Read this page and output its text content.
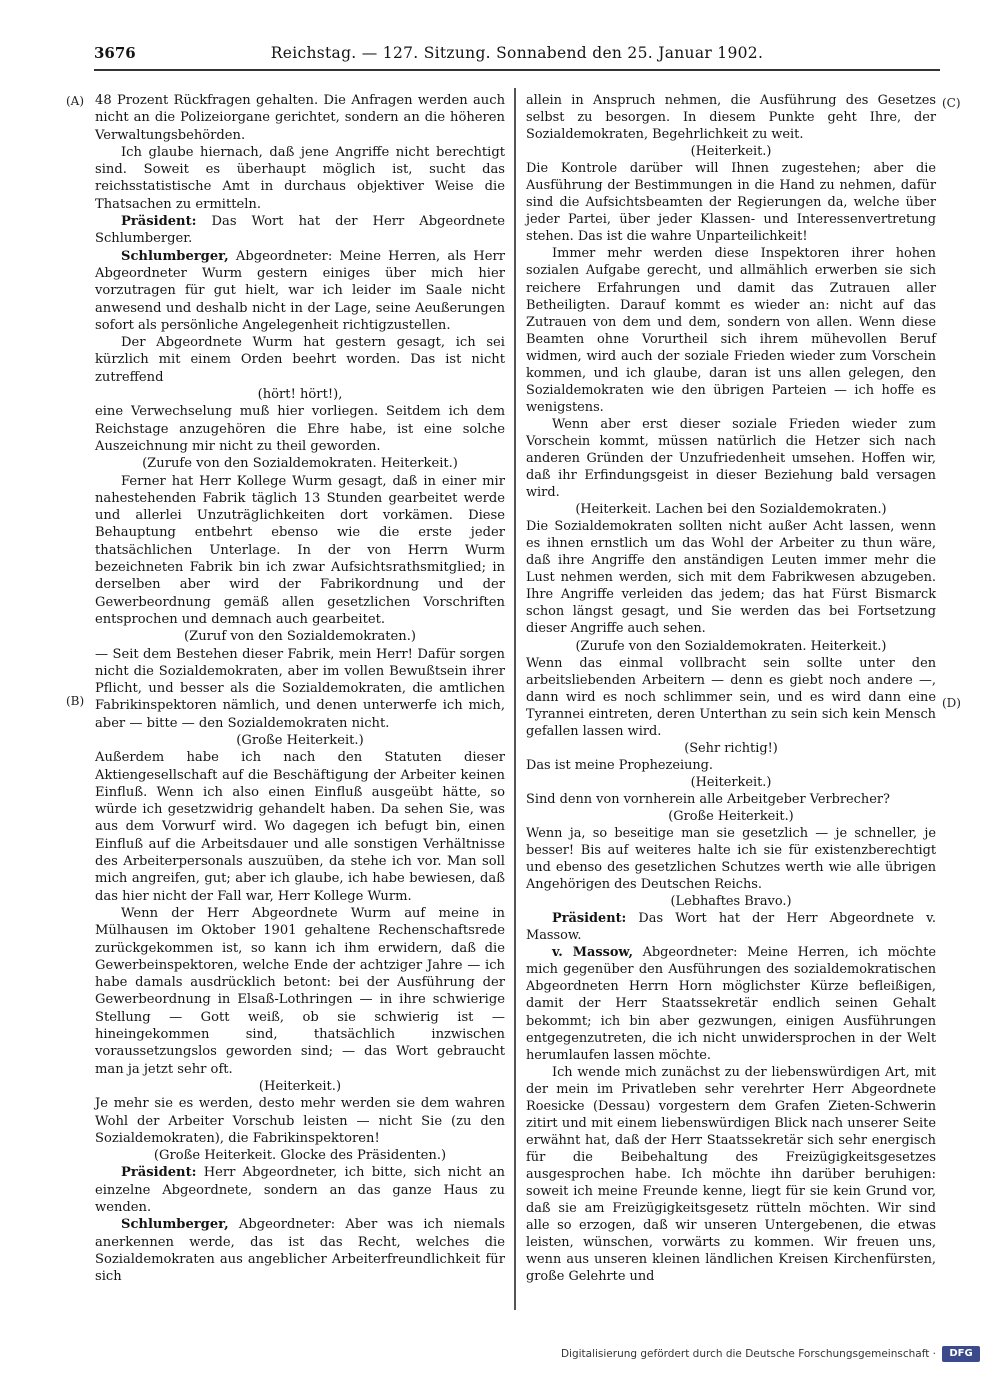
3676	Reichstag. — 127. Sitzung. Sonnabend den 25. Januar 1902.
(A)
(B)
(C)
(D)

48 Prozent Rückfragen gehalten. Die Anfragen werden auch nicht an die Polizeiorgane gerichtet, sondern an die höheren Verwaltungsbehörden.

Ich glaube hiernach, daß jene Angriffe nicht berechtigt sind. Soweit es überhaupt möglich ist, sucht das reichsstatistische Amt in durchaus objektiver Weise die Thatsachen zu ermitteln.

Präsident: Das Wort hat der Herr Abgeordnete Schlumberger.

Schlumberger, Abgeordneter: Meine Herren, als Herr Abgeordneter Wurm gestern einiges über mich hier vorzutragen für gut hielt, war ich leider im Saale nicht anwesend und deshalb nicht in der Lage, seine Aeußerungen sofort als persönliche Angelegenheit richtigzustellen.

Der Abgeordnete Wurm hat gestern gesagt, ich sei kürzlich mit einem Orden beehrt worden. Das ist nicht zutreffend

(hört! hört!),

eine Verwechselung muß hier vorliegen. Seitdem ich dem Reichstage anzugehören die Ehre habe, ist eine solche Auszeichnung mir nicht zu theil geworden.

(Zurufe von den Sozialdemokraten. Heiterkeit.)

Ferner hat Herr Kollege Wurm gesagt, daß in einer mir nahestehenden Fabrik täglich 13 Stunden gearbeitet werde und allerlei Unzuträglichkeiten dort vorkämen. Diese Behauptung entbehrt ebenso wie die erste jeder thatsächlichen Unterlage. In der von Herrn Wurm bezeichneten Fabrik bin ich zwar Aufsichtsrathsmitglied; in derselben aber wird der Fabrikordnung und der Gewerbeordnung gemäß allen gesetzlichen Vorschriften entsprochen und demnach auch gearbeitet.

(Zuruf von den Sozialdemokraten.)

— Seit dem Bestehen dieser Fabrik, mein Herr! Dafür sorgen nicht die Sozialdemokraten, aber im vollen Bewußtsein ihrer Pflicht, und besser als die Sozialdemokraten, die amtlichen Fabrikinspektoren nämlich, und denen unterwerfe ich mich, aber — bitte — den Sozialdemokraten nicht.

(Große Heiterkeit.)

Außerdem habe ich nach den Statuten dieser Aktiengesellschaft auf die Beschäftigung der Arbeiter keinen Einfluß. Wenn ich also einen Einfluß ausgeübt hätte, so würde ich gesetzwidrig gehandelt haben. Da sehen Sie, was aus dem Vorwurf wird. Wo dagegen ich befugt bin, einen Einfluß auf die Arbeitsdauer und alle sonstigen Verhältnisse des Arbeiterpersonals auszuüben, da stehe ich vor. Man soll mich angreifen, gut; aber ich glaube, ich habe bewiesen, daß das hier nicht der Fall war, Herr Kollege Wurm.

Wenn der Herr Abgeordnete Wurm auf meine in Mülhausen im Oktober 1901 gehaltene Rechenschaftsrede zurückgekommen ist, so kann ich ihm erwidern, daß die Gewerbeinspektoren, welche Ende der achtziger Jahre — ich habe damals ausdrücklich betont: bei der Ausführung der Gewerbeordnung in Elsaß-Lothringen — in ihre schwierige Stellung — Gott weiß, ob sie schwierig ist — hineingekommen sind, thatsächlich inzwischen voraussetzungslos geworden sind; — das Wort gebraucht man ja jetzt sehr oft.

(Heiterkeit.)

Je mehr sie es werden, desto mehr werden sie dem wahren Wohl der Arbeiter Vorschub leisten — nicht Sie (zu den Sozialdemokraten), die Fabrikinspektoren!

(Große Heiterkeit. Glocke des Präsidenten.)

Präsident: Herr Abgeordneter, ich bitte, sich nicht an einzelne Abgeordnete, sondern an das ganze Haus zu wenden.

Schlumberger, Abgeordneter: Aber was ich niemals anerkennen werde, das ist das Recht, welches die Sozialdemokraten aus angeblicher Arbeiterfreundlichkeit für sich

allein in Anspruch nehmen, die Ausführung des Gesetzes selbst zu besorgen. In diesem Punkte geht Ihre, der Sozialdemokraten, Begehrlichkeit zu weit.

(Heiterkeit.)

Die Kontrole darüber will Ihnen zugestehen; aber die Ausführung der Bestimmungen in die Hand zu nehmen, dafür sind die Aufsichtsbeamten der Regierungen da, welche über jeder Partei, über jeder Klassen- und Interessenvertretung stehen. Das ist die wahre Unparteilichkeit!

Immer mehr werden diese Inspektoren ihrer hohen sozialen Aufgabe gerecht, und allmählich erwerben sie sich reichere Erfahrungen und damit das Zutrauen aller Betheiligten. Darauf kommt es wieder an: nicht auf das Zutrauen von dem und dem, sondern von allen. Wenn diese Beamten ohne Vorurtheil sich ihrem mühevollen Beruf widmen, wird auch der soziale Frieden wieder zum Vorschein kommen, und ich glaube, daran ist uns allen gelegen, den Sozialdemokraten wie den übrigen Parteien — ich hoffe es wenigstens.

Wenn aber erst dieser soziale Frieden wieder zum Vorschein kommt, müssen natürlich die Hetzer sich nach anderen Gründen der Unzufriedenheit umsehen. Hoffen wir, daß ihr Erfindungsgeist in dieser Beziehung bald versagen wird.

(Heiterkeit. Lachen bei den Sozialdemokraten.)

Die Sozialdemokraten sollten nicht außer Acht lassen, wenn es ihnen ernstlich um das Wohl der Arbeiter zu thun wäre, daß ihre Angriffe den anständigen Leuten immer mehr die Lust nehmen werden, sich mit dem Fabrikwesen abzugeben. Ihre Angriffe verleiden das jedem; das hat Fürst Bismarck schon längst gesagt, und Sie werden das bei Fortsetzung dieser Angriffe auch sehen.

(Zurufe von den Sozialdemokraten. Heiterkeit.)

Wenn das einmal vollbracht sein sollte unter den arbeitsliebenden Arbeitern — denn es giebt noch andere —, dann wird es noch schlimmer sein, und es wird dann eine Tyrannei eintreten, deren Unterthan zu sein sich kein Mensch gefallen lassen wird.

(Sehr richtig!)

Das ist meine Prophezeiung.

(Heiterkeit.)

Sind denn von vornherein alle Arbeitgeber Verbrecher?

(Große Heiterkeit.)

Wenn ja, so beseitige man sie gesetzlich — je schneller, je besser! Bis auf weiteres halte ich sie für existenzberechtigt und ebenso des gesetzlichen Schutzes werth wie alle übrigen Angehörigen des Deutschen Reichs.

(Lebhaftes Bravo.)

Präsident: Das Wort hat der Herr Abgeordnete v. Massow.

v. Massow, Abgeordneter: Meine Herren, ich möchte mich gegenüber den Ausführungen des sozialdemokratischen Abgeordneten Herrn Horn möglichster Kürze befleißigen, damit der Herr Staatssekretär endlich seinen Gehalt bekommt; ich bin aber gezwungen, einigen Ausführungen entgegenzutreten, die ich nicht unwidersprochen in der Welt herumlaufen lassen möchte.

Ich wende mich zunächst zu der liebenswürdigen Art, mit der mein im Privatleben sehr verehrter Herr Abgeordnete Roesicke (Dessau) vorgestern dem Grafen Zieten-Schwerin zitirt und mit einem liebenswürdigen Blick nach unserer Seite erwähnt hat, daß der Herr Staatssekretär sich sehr energisch für die Beibehaltung des Freizügigkeitsgesetzes ausgesprochen habe. Ich möchte ihn darüber beruhigen: soweit ich meine Freunde kenne, liegt für sie kein Grund vor, daß sie am Freizügigkeitsgesetz rütteln möchten. Wir sind alle so erzogen, daß wir unseren Untergebenen, die etwas leisten, wünschen, vorwärts zu kommen. Wir freuen uns, wenn aus unseren kleinen ländlichen Kreisen Kirchenfürsten, große Gelehrte und

Digitalisierung gefördert durch die Deutsche Forschungsgemeinschaft ·	DFG
